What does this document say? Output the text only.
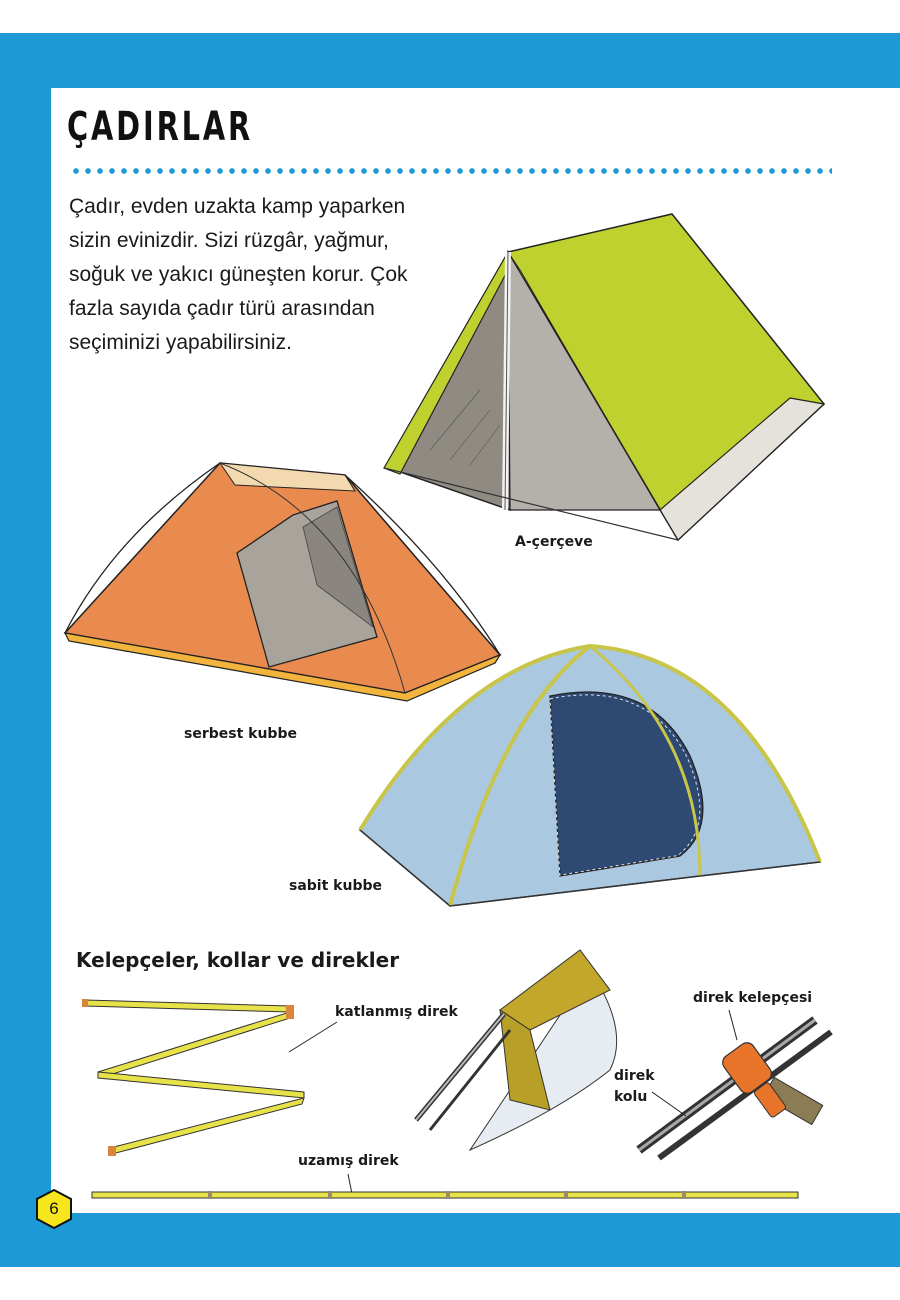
ÇADIRLAR

Çadır, evden uzakta kamp yaparken sizin evinizdir. Sizi rüzgâr, yağmur, soğuk ve yakıcı güneşten korur. Çok fazla sayıda çadır türü arasından seçiminizi yapabilirsiniz.

A-çerçeve

serbest kubbe

sabit kubbe

Kelepçeler, kollar ve direkler

katlanmış direk

direk
kolu

direk kelepçesi

uzamış direk

6
